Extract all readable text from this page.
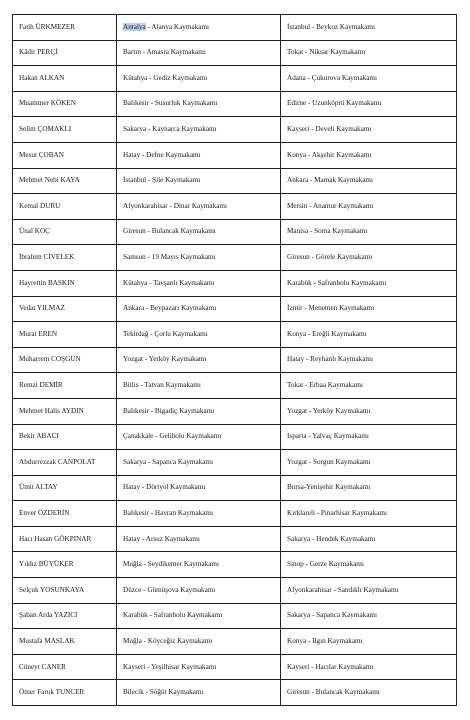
Fatih ÜRKMEZER	Antalya - Alanya Kaymakamı	İstanbul - Beykoz Kaymakamı
Kâdir PERÇİ	Bartın - Amasra Kaymakamı	Tokat - Niksar Kaymakamı
Hakan ALKAN	Kütahya - Gediz Kaymakamı	Adana - Çukurova Kaymakamı
Muammer KÖKEN	Balıkesir - Susurluk Kaymakamı	Edirne - Uzunköprü Kaymakamı
Selim ÇOMAKLI	Sakarya - Kaynarca Kaymakamı	Kayseri - Develi Kaymakamı
Mesut ÇOBAN	Hatay - Defne Kaymakamı	Konya - Akşehir Kaymakamı
Mehmet Nebi KAYA	İstanbul - Şile Kaymakamı	Ankara - Mamak Kaymakamı
Kemal DURU	Afyonkarahisar - Dinar Kaymakamı	Mersin - Anamur Kaymakamı
Ünal KOÇ	Giresun - Bulancak Kaymakamı	Manisa - Soma Kaymakamı
İbrahim CİVELEK	Samsun - 19 Mayıs Kaymakamı	Giresun - Görele Kaymakamı
Hayrettin BASKIN	Kütahya - Tavşanlı Kaymakamı	Karabük - Safranbolu Kaymakamı
Vedat YILMAZ	Ankara - Beypazarı Kaymakamı	İzmir - Menemen Kaymakamı
Murat EREN	Tekirdağ - Çorlu Kaymakamı	Konya - Ereğli Kaymakamı
Muharrem COŞGUN	Yozgat - Yerköy Kaymakamı	Hatay - Reyhanlı Kaymakamı
Remzi DEMİR	Bitlis - Tatvan Kaymakamı	Tokat - Erbaa Kaymakamı
Mehmet Halis AYDIN	Balıkesir - Bigadiç Kaymakamı	Yozgat - Yerköy Kaymakamı
Bekir ABACI	Çanakkale - Gelibolu Kaymakamı	Isparta - Yalvaç Kaymakamı
Abdurrezzak CANPOLAT	Sakarya - Sapanca Kaymakamı	Yozgat - Sorgun Kaymakamı
Ümit ALTAY	Hatay - Dörtyol Kaymakamı	Bursa-Yenişehir Kaymakamı
Enver ÖZDERİN	Balıkesir - Havran Kaymakamı	Kırklareli - Pınarhisar Kaymakamı
Hacı Hasan GÖKPINAR	Hatay - Arsuz Kaymakamı	Sakarya - Hendek Kaymakamı
Yıldız BÜYÜKER	Muğla - Seydikemer Kaymakamı	Sinop - Gerze Kaymakamı
Selçuk YOSUNKAYA	Düzce - Gümüşova Kaymakamı	Afyonkarahisar - Sandıklı Kaymakamı
Şaban Arda YAZICI	Karabük - Safranbolu Kaymakamı	Sakarya - Sapanca Kaymakamı
Mustafa MASLAK	Muğla - Köyceğiz Kaymakamı	Konya - Ilgın Kaymakamı
Cüneyt CANER	Kayseri - Yeşilhisar Kaymakamı	Kayseri - Hacılar Kaymakamı
Ömer Faruk TUNCER	Bilecik - Söğüt Kaymakamı	Giresun - Bulancak Kaymakamı
